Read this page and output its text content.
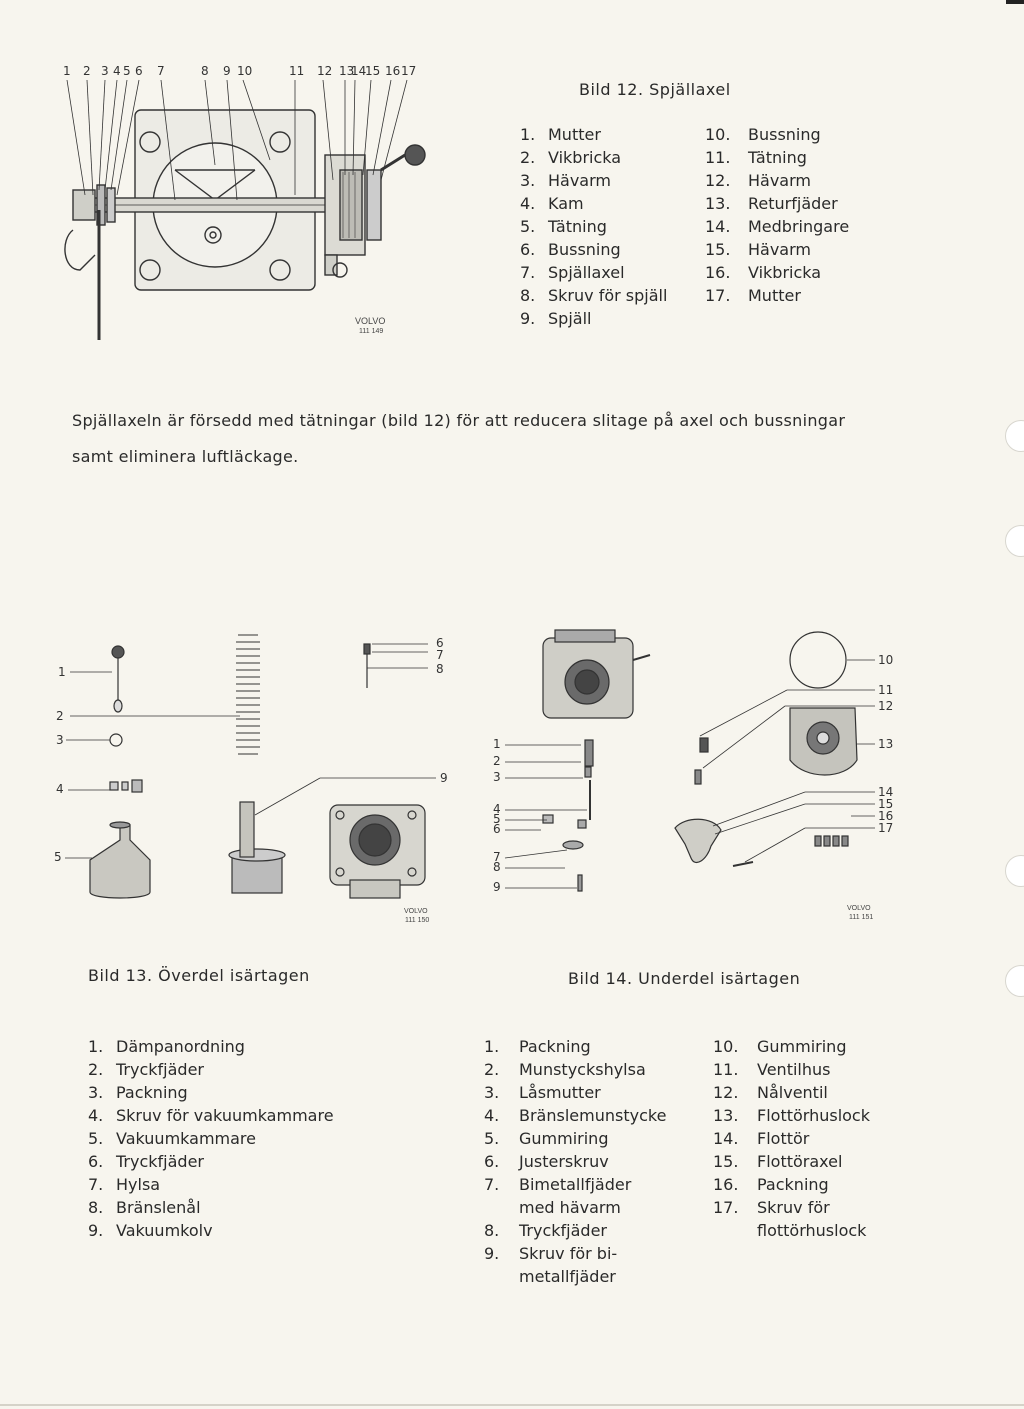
1 2 3 4 5 6 7	8 9 10	11 12 13
14
15 16 17
VOLVO
111 149
Bild 12. Spjällaxel
1. Mutter
2. Vikbricka
3. Hävarm
4. Kam
5. Tätning
6. Bussning
7. Spjällaxel
8. Skruv för spjäll
9. Spjäll
10.	Bussning
11.	Tätning
12.	Hävarm
13.	Returfjäder
14.	Medbringare
15.	Hävarm
16.	Vikbricka
17.	Mutter
Spjällaxeln är försedd med tätningar (bild 12) för att reducera slitage på axel och bussningar
samt eliminera luftläckage.
1
2
3
4
5
6
7
8
9
VOLVO
111 150
Bild 13. Överdel isärtagen
1. Dämpanordning
2. Tryckfjäder
3. Packning
4. Skruv för vakuumkammare
5. Vakuumkammare
6. Tryckfjäder
7. Hylsa
8. Bränslenål
9. Vakuumkolv
1
2
3
4
5
6
7
8
9
10
11
12
13
14
15
16
17
VOLVO
111 151
Bild 14. Underdel isärtagen
1.	Packning
2.	Munstyckshylsa
3.	Låsmutter
4.	Bränslemunstycke
5.	Gummiring
6.	Justerskruv
7.	Bimetallfjäder
med hävarm
8.	Tryckfjäder
9.	Skruv för bi-
metallfjäder
10.	Gummiring
11.	Ventilhus
12.	Nålventil
13.	Flottörhuslock
14.	Flottör
15.	Flottöraxel
16.	Packning
17.	Skruv för
flottörhuslock
